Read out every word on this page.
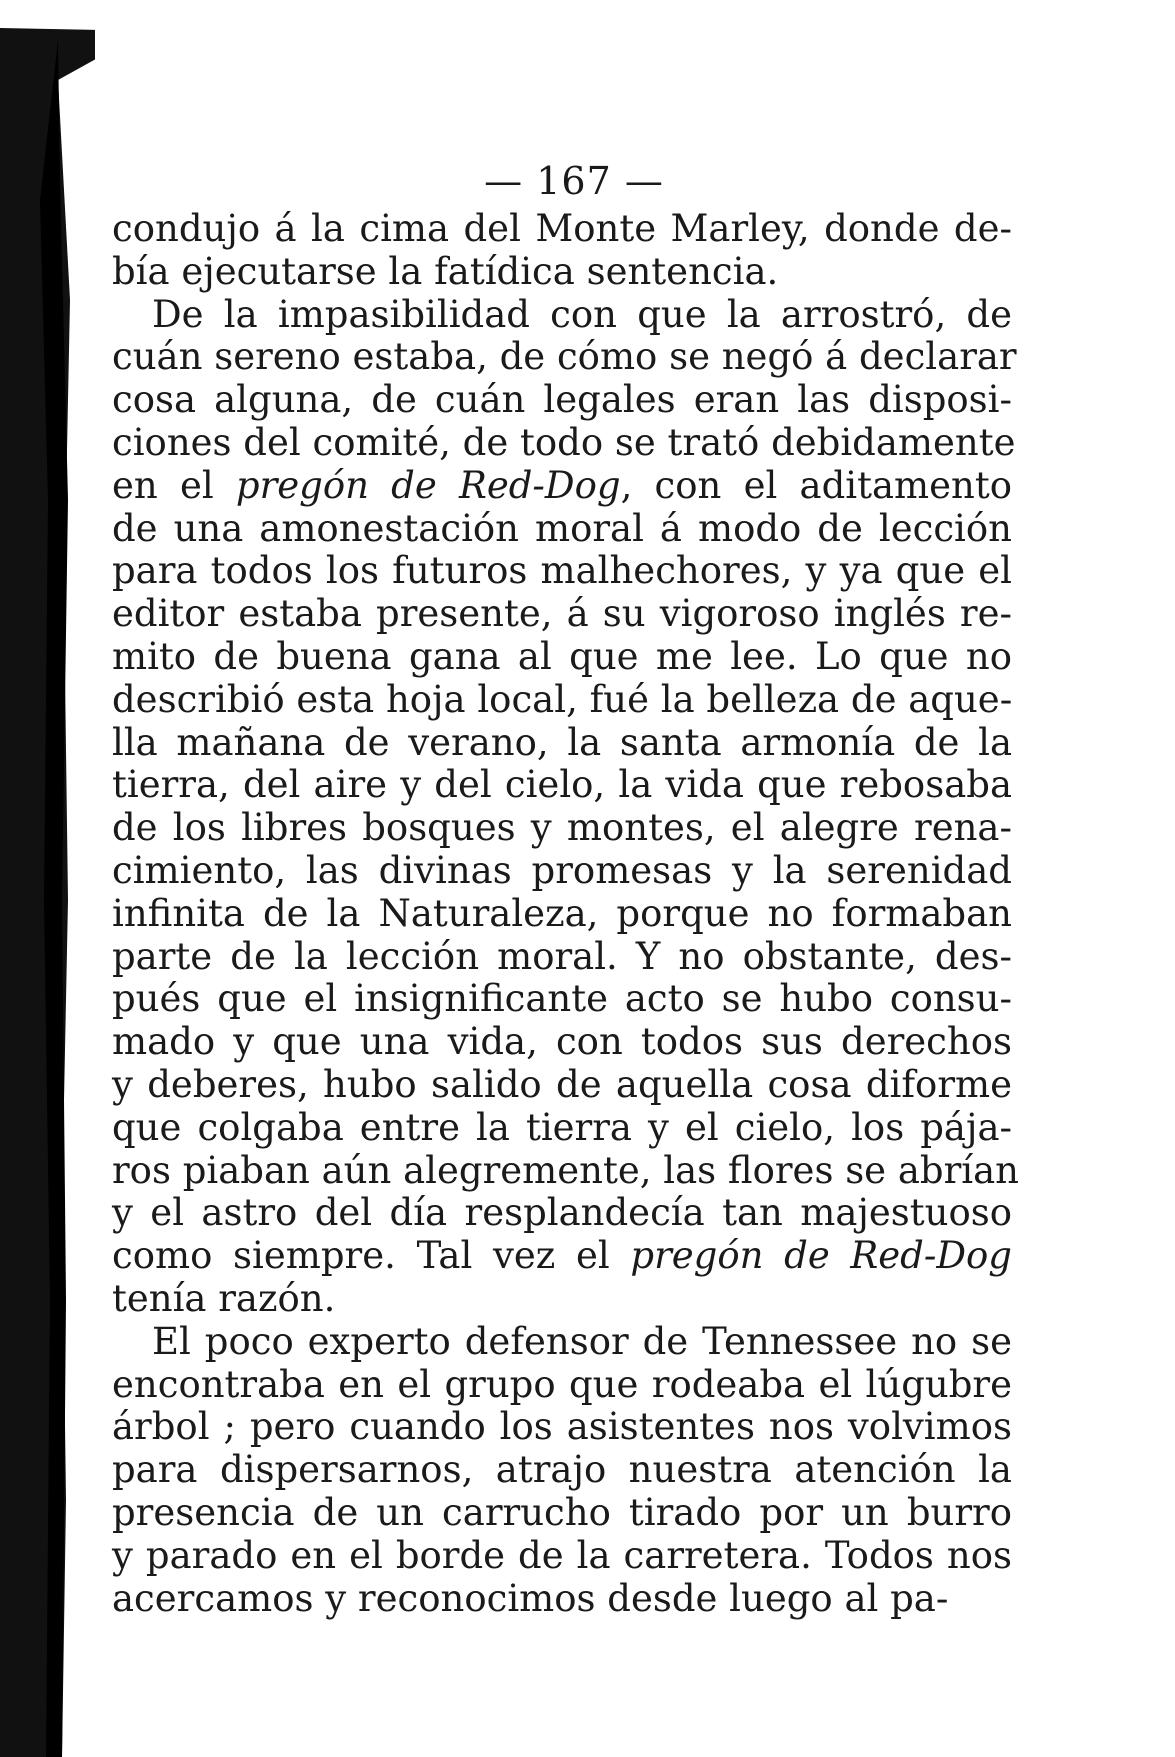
— 167 —
condujo á la cima del Monte Marley, donde de-
bía ejecutarse la fatídica sentencia.
De la impasibilidad con que la arrostró, de
cuán sereno estaba, de cómo se negó á declarar
cosa alguna, de cuán legales eran las disposi-
ciones del comité, de todo se trató debidamente
en el pregón de Red-Dog, con el aditamento
de una amonestación moral á modo de lección
para todos los futuros malhechores, y ya que el
editor estaba presente, á su vigoroso inglés re-
mito de buena gana al que me lee. Lo que no
describió esta hoja local, fué la belleza de aque-
lla mañana de verano, la santa armonía de la
tierra, del aire y del cielo, la vida que rebosaba
de los libres bosques y montes, el alegre rena-
cimiento, las divinas promesas y la serenidad
infinita de la Naturaleza, porque no formaban
parte de la lección moral. Y no obstante, des-
pués que el insignificante acto se hubo consu-
mado y que una vida, con todos sus derechos
y deberes, hubo salido de aquella cosa diforme
que colgaba entre la tierra y el cielo, los pája-
ros piaban aún alegremente, las flores se abrían
y el astro del día resplandecía tan majestuoso
como siempre. Tal vez el pregón de Red-Dog
tenía razón.
El poco experto defensor de Tennessee no se
encontraba en el grupo que rodeaba el lúgubre
árbol ; pero cuando los asistentes nos volvimos
para dispersarnos, atrajo nuestra atención la
presencia de un carrucho tirado por un burro
y parado en el borde de la carretera. Todos nos
acercamos y reconocimos desde luego al pa-
